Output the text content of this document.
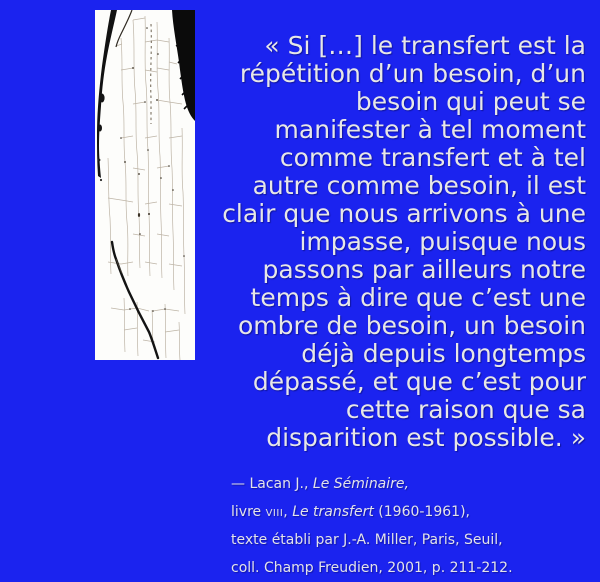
« Si […] le transfert est la
répétition d’un besoin, d’un
besoin qui peut se
manifester à tel moment
comme transfert et à tel
autre comme besoin, il est
clair que nous arrivons à une
impasse, puisque nous
passons par ailleurs notre
temps à dire que c’est une
ombre de besoin, un besoin
déjà depuis longtemps
dépassé, et que c’est pour
cette raison que sa
disparition est possible. »

— Lacan J., Le Séminaire,

livre viii, Le transfert (1960-1961),

texte établi par J.-A. Miller, Paris, Seuil,

coll. Champ Freudien, 2001, p. 211-212.
